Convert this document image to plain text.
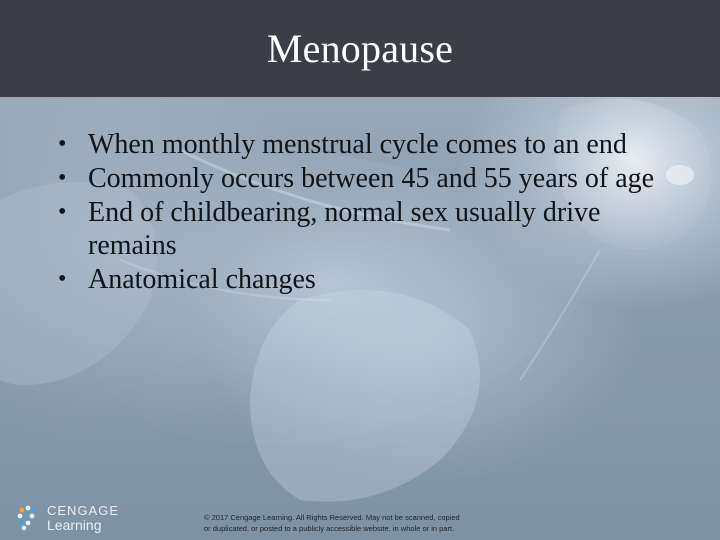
Menopause
• When monthly menstrual cycle comes to an end
• Commonly occurs between 45 and 55 years of age
• End of childbearing, normal sex usually drive remains
• Anatomical changes
CENGAGE
Learning	© 2017 Cengage Learning. All Rights Reserved. May not be scanned, copied
or duplicated, or posted to a publicly accessible website, in whole or in part.
